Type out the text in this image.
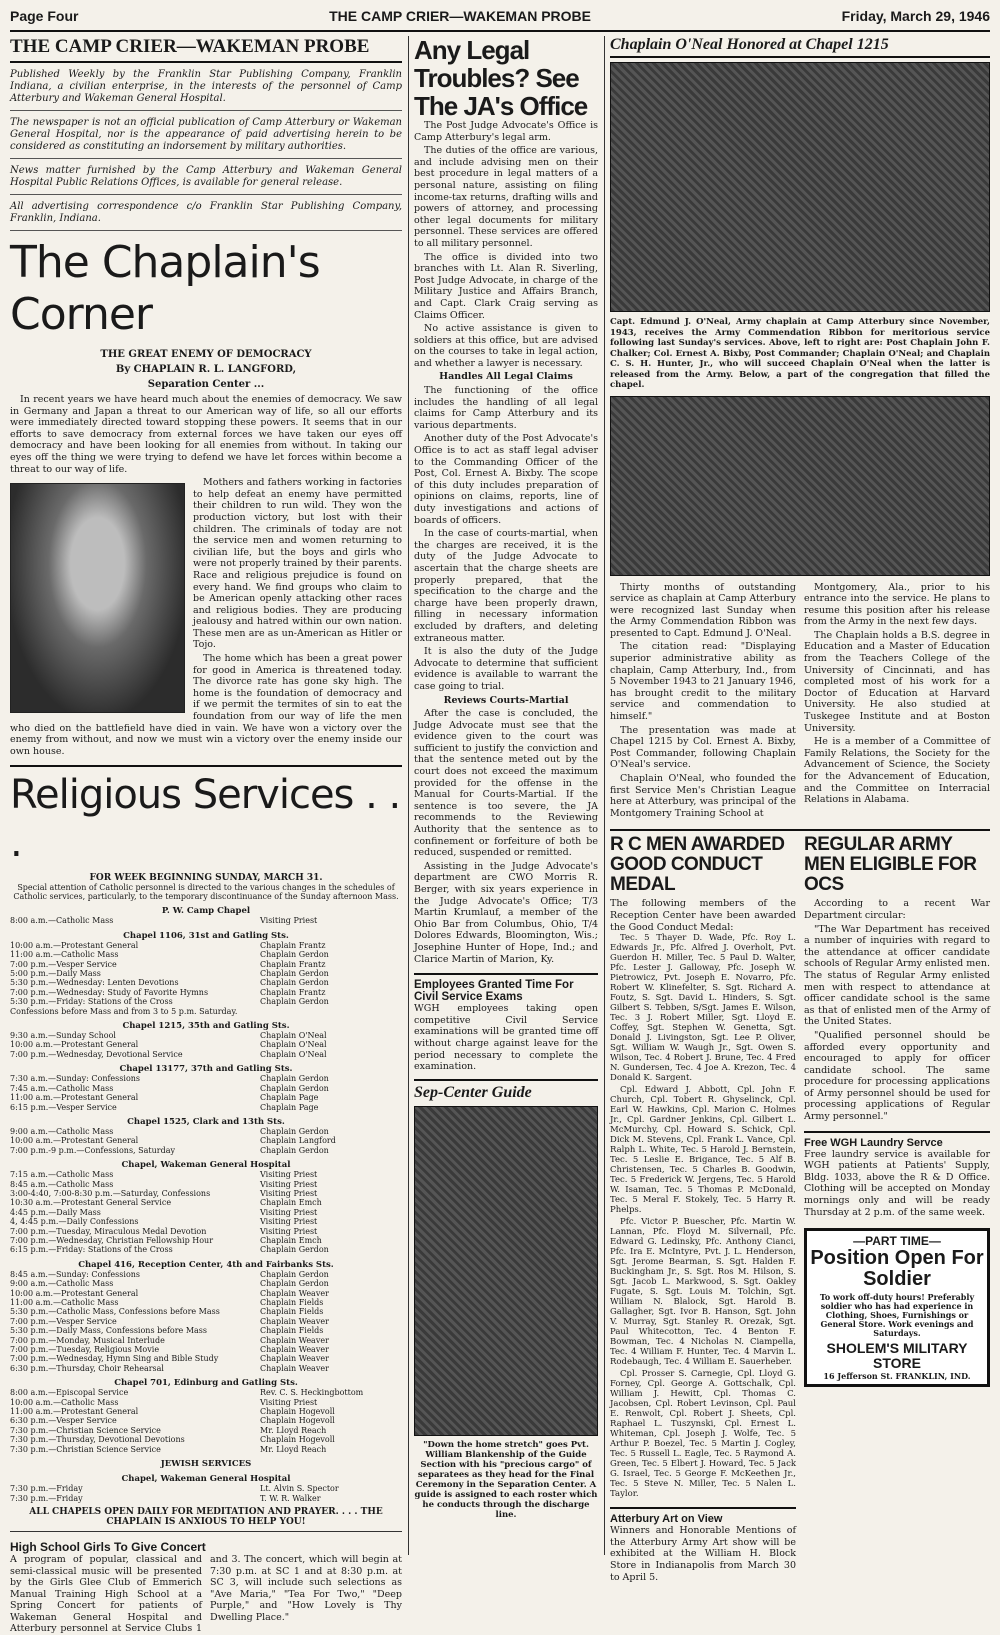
Page Four	THE CAMP CRIER—WAKEMAN PROBE	Friday, March 29, 1946
THE CAMP CRIER—WAKEMAN PROBE
Published Weekly by the Franklin Star Publishing Company, Franklin Indiana, a civilian enterprise, in the interests of the personnel of Camp Atterbury and Wakeman General Hospital.
The newspaper is not an official publication of Camp Atterbury or Wakeman General Hospital, nor is the appearance of paid advertising herein to be considered as constituting an indorsement by military authorities.
News matter furnished by the Camp Atterbury and Wakeman General Hospital Public Relations Offices, is available for general release.
All advertising correspondence c/o Franklin Star Publishing Company, Franklin, Indiana.
The Chaplain's Corner
THE GREAT ENEMY OF DEMOCRACY
By CHAPLAIN R. L. LANGFORD,
Separation Center ...

In recent years we have heard much about the enemies of democracy. We saw in Germany and Japan a threat to our American way of life, so all our efforts were immediately directed toward stopping these powers. It seems that in our efforts to save democracy from external forces we have taken our eyes off democracy and have been looking for all enemies from without. In taking our eyes off the thing we were trying to defend we have let forces within become a threat to our way of life.

Mothers and fathers working in factories to help defeat an enemy have permitted their children to run wild. They won the production victory, but lost with their children. The criminals of today are not the service men and women returning to civilian life, but the boys and girls who were not properly trained by their parents. Race and religious prejudice is found on every hand. We find groups who claim to be American openly attacking other races and religious bodies. They are producing jealousy and hatred within our own nation. These men are as un-American as Hitler or Tojo.

The home which has been a great power for good in America is threatened today. The divorce rate has gone sky high. The home is the foundation of democracy and if we permit the termites of sin to eat the foundation from our way of life the men who died on the battlefield have died in vain. We have won a victory over the enemy from without, and now we must win a victory over the enemy inside our own house.

Religious Services . . .
FOR WEEK BEGINNING SUNDAY, MARCH 31.
Special attention of Catholic personnel is directed to the various changes in the schedules of Catholic services, particularly, to the temporary discontinuance of the Sunday afternoon Mass.
P. W. Camp Chapel
8:00 a.m.—Catholic Mass	Visiting Priest
Chapel 1106, 31st and Gatling Sts.
10:00 a.m.—Protestant General	Chaplain Frantz
11:00 a.m.—Catholic Mass	Chaplain Gerdon
7:00 p.m.—Vesper Service	Chaplain Frantz
5:00 p.m.—Daily Mass	Chaplain Gerdon
5:30 p.m.—Wednesday: Lenten Devotions	Chaplain Gerdon
7:00 p.m.—Wednesday: Study of Favorite Hymns	Chaplain Frantz
5:30 p.m.—Friday: Stations of the Cross	Chaplain Gerdon
Confessions before Mass and from 3 to 5 p.m. Saturday.
Chapel 1215, 35th and Gatling Sts.
9:30 a.m.—Sunday School	Chaplain O'Neal
10:00 a.m.—Protestant General	Chaplain O'Neal
7:00 p.m.—Wednesday, Devotional Service	Chaplain O'Neal
Chapel 13177, 37th and Gatling Sts.
7:30 a.m.—Sunday: Confessions	Chaplain Gerdon
7:45 a.m.—Catholic Mass	Chaplain Gerdon
11:00 a.m.—Protestant General	Chaplain Page
6:15 p.m.—Vesper Service	Chaplain Page
Chapel 1525, Clark and 13th Sts.
9:00 a.m.—Catholic Mass	Chaplain Gerdon
10:00 a.m.—Protestant General	Chaplain Langford
7:00 p.m.-9 p.m.—Confessions, Saturday	Chaplain Gerdon
Chapel, Wakeman General Hospital
7:15 a.m.—Catholic Mass	Visiting Priest
8:45 a.m.—Catholic Mass	Visiting Priest
3:00-4:40, 7:00-8:30 p.m.—Saturday, Confessions	Visiting Priest
10:30 a.m.—Protestant General Service	Chaplain Emch
4:45 p.m.—Daily Mass	Visiting Priest
4, 4:45 p.m.—Daily Confessions	Visiting Priest
7:00 p.m.—Tuesday, Miraculous Medal Devotion	Visiting Priest
7:00 p.m.—Wednesday, Christian Fellowship Hour	Chaplain Emch
6:15 p.m.—Friday: Stations of the Cross	Chaplain Gerdon
Chapel 416, Reception Center, 4th and Fairbanks Sts.
8:45 a.m.—Sunday: Confessions	Chaplain Gerdon
9:00 a.m.—Catholic Mass	Chaplain Gerdon
10:00 a.m.—Protestant General	Chaplain Weaver
11:00 a.m.—Catholic Mass	Chaplain Fields
5:30 p.m.—Catholic Mass, Confessions before Mass	Chaplain Fields
7:00 p.m.—Vesper Service	Chaplain Weaver
5:30 p.m.—Daily Mass, Confessions before Mass	Chaplain Fields
7:00 p.m.—Monday, Musical Interlude	Chaplain Weaver
7:00 p.m.—Tuesday, Religious Movie	Chaplain Weaver
7:00 p.m.—Wednesday, Hymn Sing and Bible Study	Chaplain Weaver
6:30 p.m.—Thursday, Choir Rehearsal	Chaplain Weaver
Chapel 701, Edinburg and Gatling Sts.
8:00 a.m.—Episcopal Service	Rev. C. S. Heckingbottom
10:00 a.m.—Catholic Mass	Visiting Priest
11:00 a.m.—Protestant General	Chaplain Hogevoll
6:30 p.m.—Vesper Service	Chaplain Hogevoll
7:30 p.m.—Christian Science Service	Mr. Lloyd Reach
7:30 p.m.—Thursday, Devotional Devotions	Chaplain Hogevoll
7:30 p.m.—Christian Science Service	Mr. Lloyd Reach
JEWISH SERVICES
Chapel, Wakeman General Hospital
7:30 p.m.—Friday	Lt. Alvin S. Spector
7:30 p.m.—Friday	T. W. R. Walker
ALL CHAPELS OPEN DAILY FOR MEDITATION AND PRAYER. . . . THE CHAPLAIN IS ANXIOUS TO HELP YOU!
High School Girls To Give Concert
A program of popular, classical and semi-classical music will be presented by the Girls Glee Club of Emmerich Manual Training High School at a Spring Concert for patients of Wakeman General Hospital and Atterbury personnel at Service Clubs 1 and 3. The concert, which will begin at 7:30 p.m. at SC 1 and at 8:30 p.m. at SC 3, will include such selections as "Ave Maria," "Tea For Two," "Deep Purple," and "How Lovely is Thy Dwelling Place."
Any Legal Troubles? See The JA's Office

The Post Judge Advocate's Office is Camp Atterbury's legal arm.

The duties of the office are various, and include advising men on their best procedure in legal matters of a personal nature, assisting on filing income-tax returns, drafting wills and powers of attorney, and processing other legal documents for military personnel. These services are offered to all military personnel.

The office is divided into two branches with Lt. Alan R. Siverling, Post Judge Advocate, in charge of the Military Justice and Affairs Branch, and Capt. Clark Craig serving as Claims Officer.

No active assistance is given to soldiers at this office, but are advised on the courses to take in legal action, and whether a lawyer is necessary.

Handles All Legal Claims

The functioning of the office includes the handling of all legal claims for Camp Atterbury and its various departments.

Another duty of the Post Advocate's Office is to act as staff legal adviser to the Commanding Officer of the Post, Col. Ernest A. Bixby. The scope of this duty includes preparation of opinions on claims, reports, line of duty investigations and actions of boards of officers.

In the case of courts-martial, when the charges are received, it is the duty of the Judge Advocate to ascertain that the charge sheets are properly prepared, that the specification to the charge and the charge have been properly drawn, filling in necessary information excluded by drafters, and deleting extraneous matter.

It is also the duty of the Judge Advocate to determine that sufficient evidence is available to warrant the case going to trial.

Reviews Courts-Martial

After the case is concluded, the Judge Advocate must see that the evidence given to the court was sufficient to justify the conviction and that the sentence meted out by the court does not exceed the maximum provided for the offense in the Manual for Courts-Martial. If the sentence is too severe, the JA recommends to the Reviewing Authority that the sentence as to confinement or forfeiture of both be reduced, suspended or remitted.

Assisting in the Judge Advocate's department are CWO Morris R. Berger, with six years experience in the Judge Advocate's Office; T/3 Martin Krumlauf, a member of the Ohio Bar from Columbus, Ohio, T/4 Dolores Edwards, Bloomington, Wis.; Josephine Hunter of Hope, Ind.; and Clarice Martin of Marion, Ky.

Employees Granted Time For Civil Service Exams
WGH employees taking open competitive Civil Service examinations will be granted time off without charge against leave for the period necessary to complete the examination.
Sep-Center Guide
"Down the home stretch" goes Pvt. William Blankenship of the Guide Section with his "precious cargo" of separatees as they head for the Final Ceremony in the Separation Center. A guide is assigned to each roster which he conducts through the discharge line.
Chaplain O'Neal Honored at Chapel 1215
Capt. Edmund J. O'Neal, Army chaplain at Camp Atterbury since November, 1943, receives the Army Commendation Ribbon for meritorious service following last Sunday's services. Above, left to right are: Post Chaplain John F. Chalker; Col. Ernest A. Bixby, Post Commander; Chaplain O'Neal; and Chaplain C. S. H. Hunter, Jr., who will succeed Chaplain O'Neal when the latter is released from the Army. Below, a part of the congregation that filled the chapel.

Thirty months of outstanding service as chaplain at Camp Atterbury were recognized last Sunday when the Army Commendation Ribbon was presented to Capt. Edmund J. O'Neal.

The citation read: "Displaying superior administrative ability as chaplain, Camp Atterbury, Ind., from 5 November 1943 to 21 January 1946, has brought credit to the military service and commendation to himself."

The presentation was made at Chapel 1215 by Col. Ernest A. Bixby, Post Commander, following Chaplain O'Neal's service.

Chaplain O'Neal, who founded the first Service Men's Christian League here at Atterbury, was principal of the Montgomery Training School at

Montgomery, Ala., prior to his entrance into the service. He plans to resume this position after his release from the Army in the next few days.

The Chaplain holds a B.S. degree in Education and a Master of Education from the Teachers College of the University of Cincinnati, and has completed most of his work for a Doctor of Education at Harvard University. He also studied at Tuskegee Institute and at Boston University.

He is a member of a Committee of Family Relations, the Society for the Advancement of Science, the Society for the Advancement of Education, and the Committee on Interracial Relations in Alabama.

R C MEN AWARDED GOOD CONDUCT MEDAL
The following members of the Reception Center have been awarded the Good Conduct Medal:

Tec. 5 Thayer D. Wade, Pfc. Roy L. Edwards Jr., Pfc. Alfred J. Overholt, Pvt. Guerdon H. Miller, Tec. 5 Paul D. Walter, Pfc. Lester J. Galloway, Pfc. Joseph W. Pietrowicz, Pvt. Joseph E. Novarro, Pfc. Robert W. Klinefelter, S. Sgt. Richard A. Foutz, S. Sgt. David L. Hinders, S. Sgt. Gilbert S. Tebben, S/Sgt. James E. Wilson, Tec. 3 J. Robert Miller, Sgt. Lloyd E. Coffey, Sgt. Stephen W. Genetta, Sgt. Donald J. Livingston, Sgt. Lee P. Oliver, Sgt. William W. Waugh Jr., Sgt. Owen S. Wilson, Tec. 4 Robert J. Brune, Tec. 4 Fred N. Gundersen, Tec. 4 Joe A. Krezon, Tec. 4 Donald K. Sargent.

Cpl. Edward J. Abbott, Cpl. John F. Church, Cpl. Tobert R. Ghyselinck, Cpl. Earl W. Hawkins, Cpl. Marion C. Holmes Jr., Cpl. Gardner Jenkins, Cpl. Gilbert L. McMurchy, Cpl. Howard S. Schick, Cpl. Dick M. Stevens, Cpl. Frank L. Vance, Cpl. Ralph L. White, Tec. 5 Harold J. Bernstein, Tec. 5 Leslie E. Brigance, Tec. 5 Alf B. Christensen, Tec. 5 Charles B. Goodwin, Tec. 5 Frederick W. Jergens, Tec. 5 Harold W. Isaman, Tec. 5 Thomas P. McDonald, Tec. 5 Meral F. Stokely, Tec. 5 Harry R. Phelps.

Pfc. Victor P. Buescher, Pfc. Martin W. Lannan, Pfc. Floyd M. Silvernail, Pfc. Edward G. Ledinsky, Pfc. Anthony Cianci, Pfc. Ira E. McIntyre, Pvt. J. L. Henderson, Sgt. Jerome Bearman, S. Sgt. Halden F. Buckingham Jr., S. Sgt. Ros M. Hilson, S. Sgt. Jacob L. Markwood, S. Sgt. Oakley Fugate, S. Sgt. Louis M. Tolchin, Sgt. William N. Blalock, Sgt. Harold B. Gallagher, Sgt. Ivor B. Hanson, Sgt. John V. Murray, Sgt. Stanley R. Orezak, Sgt. Paul Whitecotton, Tec. 4 Benton F. Bowman, Tec. 4 Nicholas N. Ciampella, Tec. 4 William F. Hunter, Tec. 4 Marvin L. Rodebaugh, Tec. 4 William E. Sauerheber.

Cpl. Prosser S. Carnegie, Cpl. Lloyd G. Forney, Cpl. George A. Gottschalk, Cpl. William J. Hewitt, Cpl. Thomas C. Jacobsen, Cpl. Robert Levinson, Cpl. Paul E. Renwolt, Cpl. Robert J. Sheets, Cpl. Raphael L. Tuszynski, Cpl. Ernest L. Whiteman, Cpl. Joseph J. Wolfe, Tec. 5 Arthur P. Boezel, Tec. 5 Martin J. Cogley, Tec. 5 Russell L. Eagle, Tec. 5 Raymond A. Green, Tec. 5 Elbert J. Howard, Tec. 5 Jack G. Israel, Tec. 5 George F. McKeethen Jr., Tec. 5 Steve N. Miller, Tec. 5 Nalen L. Taylor.

Atterbury Art on View
Winners and Honorable Mentions of the Atterbury Army Art show will be exhibited at the William H. Block Store in Indianapolis from March 30 to April 5.
REGULAR ARMY MEN ELIGIBLE FOR OCS

According to a recent War Department circular:

"The War Department has received a number of inquiries with regard to the attendance at officer candidate schools of Regular Army enlisted men. The status of Regular Army enlisted men with respect to attendance at officer candidate school is the same as that of enlisted men of the Army of the United States.

"Qualified personnel should be afforded every opportunity and encouraged to apply for officer candidate school. The same procedure for processing applications of Army personnel should be used for processing applications of Regular Army personnel."

Free WGH Laundry Servce
Free laundry service is available for WGH patients at Patients' Supply, Bldg. 1033, above the R & D Office. Clothing will be accepted on Monday mornings only and will be ready Thursday at 2 p.m. of the same week.
—PART TIME—
Position Open For Soldier
To work off-duty hours! Preferably soldier who has had experience in Clothing, Shoes, Furnishings or General Store. Work evenings and Saturdays.
SHOLEM'S MILITARY STORE
16 Jefferson St. FRANKLIN, IND.
